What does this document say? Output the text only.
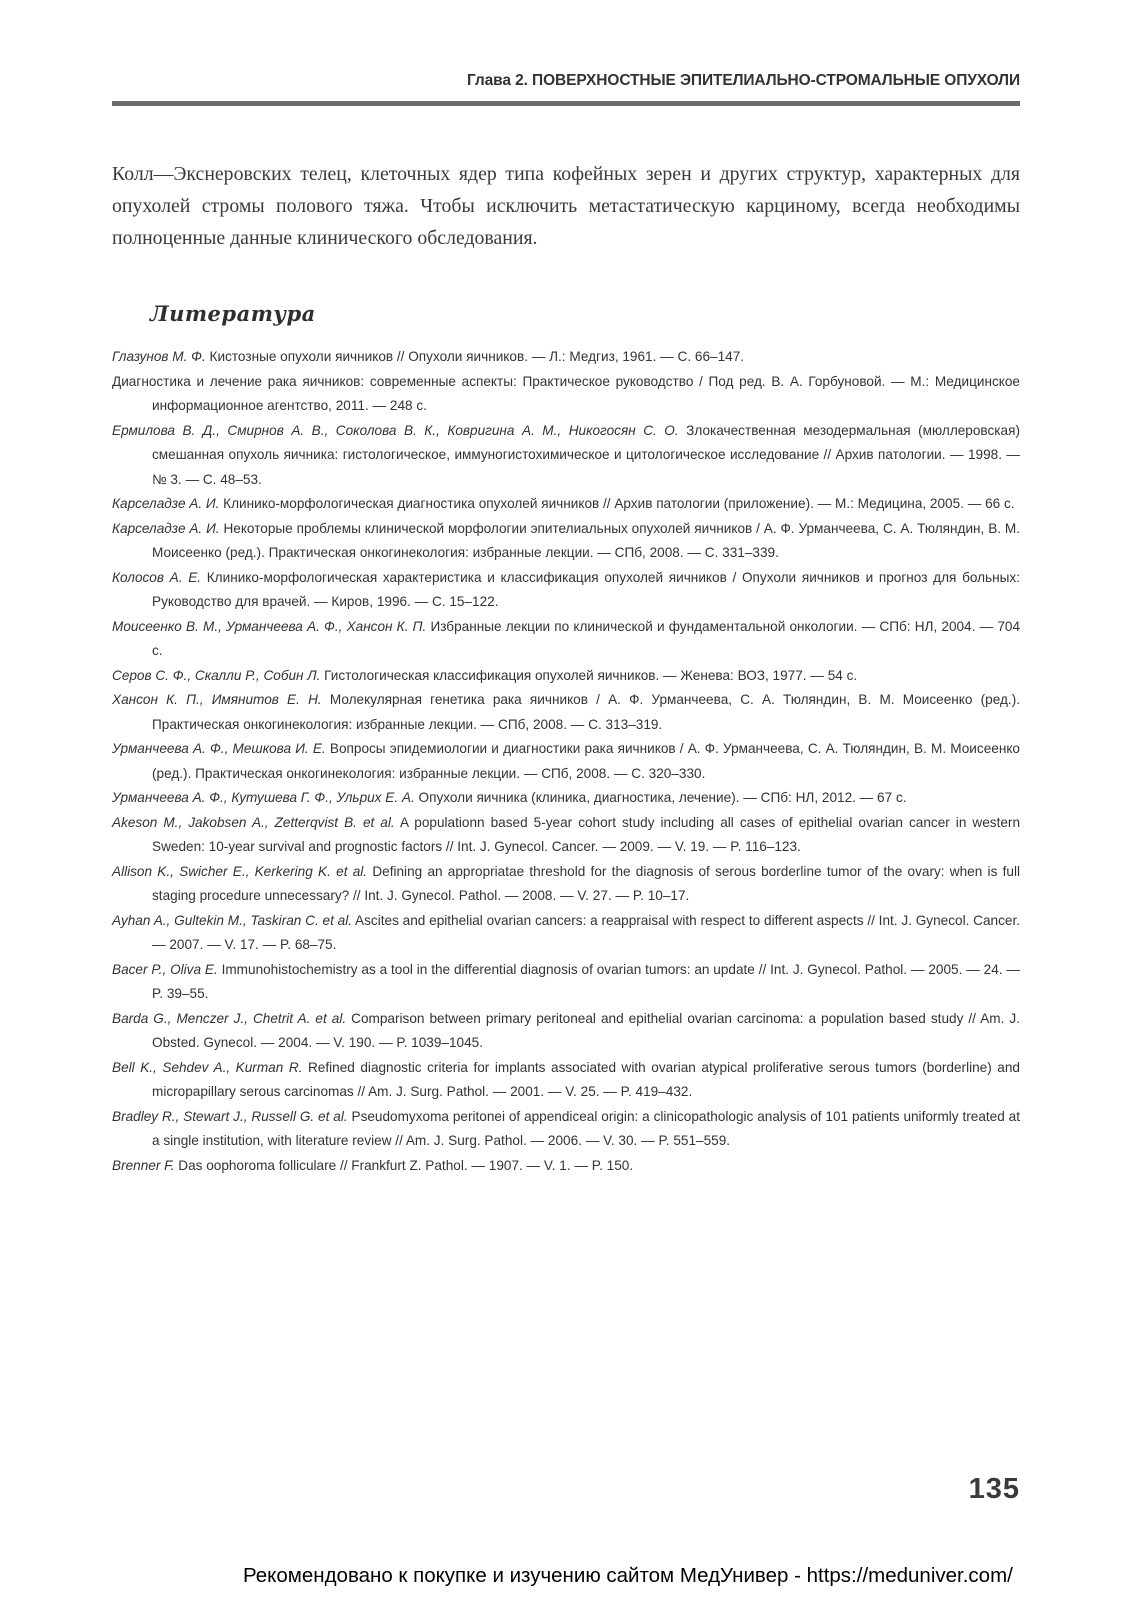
Глава 2. ПОВЕРХНОСТНЫЕ ЭПИТЕЛИАЛЬНО-СТРОМАЛЬНЫЕ ОПУХОЛИ

Колл—Экснеровских телец, клеточных ядер типа кофейных зерен и других структур, характерных для опухолей стромы полового тяжа. Чтобы исключить метастатическую карциному, всегда необходимы полноценные данные клинического обследования.

Литература
Глазунов М. Ф. Кистозные опухоли яичников // Опухоли яичников. — Л.: Медгиз, 1961. — С. 66–147.
Диагностика и лечение рака яичников: современные аспекты: Практическое руководство / Под ред. В. А. Горбуновой. — М.: Медицинское информационное агентство, 2011. — 248 с.
Ермилова В. Д., Смирнов А. В., Соколова В. К., Ковригина А. М., Никогосян С. О. Злокачественная мезодермальная (мюллеровская) смешанная опухоль яичника: гистологическое, иммуногистохимическое и цитологическое исследование // Архив патологии. — 1998. — № 3. — С. 48–53.
Карселадзе А. И. Клинико-морфологическая диагностика опухолей яичников // Архив патологии (приложение). — М.: Медицина, 2005. — 66 с.
Карселадзе А. И. Некоторые проблемы клинической морфологии эпителиальных опухолей яичников / А. Ф. Урманчеева, С. А. Тюляндин, В. М. Моисеенко (ред.). Практическая онкогинекология: избранные лекции. — СПб, 2008. — С. 331–339.
Колосов А. Е. Клинико-морфологическая характеристика и классификация опухолей яичников / Опухоли яичников и прогноз для больных: Руководство для врачей. — Киров, 1996. — С. 15–122.
Моисеенко В. М., Урманчеева А. Ф., Хансон К. П. Избранные лекции по клинической и фундаментальной онкологии. — СПб: НЛ, 2004. — 704 с.
Серов С. Ф., Скалли Р., Собин Л. Гистологическая классификация опухолей яичников. — Женева: ВОЗ, 1977. — 54 с.
Хансон К. П., Имянитов Е. Н. Молекулярная генетика рака яичников / А. Ф. Урманчеева, С. А. Тюляндин, В. М. Моисеенко (ред.). Практическая онкогинекология: избранные лекции. — СПб, 2008. — С. 313–319.
Урманчеева А. Ф., Мешкова И. Е. Вопросы эпидемиологии и диагностики рака яичников / А. Ф. Урманчеева, С. А. Тюляндин, В. М. Моисеенко (ред.). Практическая онкогинекология: избранные лекции. — СПб, 2008. — С. 320–330.
Урманчеева А. Ф., Кутушева Г. Ф., Ульрих Е. А. Опухоли яичника (клиника, диагностика, лечение). — СПб: НЛ, 2012. — 67 с.
Akeson M., Jakobsen A., Zetterqvist B. et al. A populationn based 5-year cohort study including all cases of epithelial ovarian cancer in western Sweden: 10-year survival and prognostic factors // Int. J. Gynecol. Cancer. — 2009. — V. 19. — P. 116–123.
Allison K., Swicher E., Kerkering K. et al. Defining an appropriatae threshold for the diagnosis of serous borderline tumor of the ovary: when is full staging procedure unnecessary? // Int. J. Gynecol. Pathol. — 2008. — V. 27. — P. 10–17.
Ayhan A., Gultekin M., Taskiran C. et al. Ascites and epithelial ovarian cancers: a reappraisal with respect to different aspects // Int. J. Gynecol. Cancer. — 2007. — V. 17. — P. 68–75.
Bacer P., Oliva E. Immunohistochemistry as a tool in the differential diagnosis of ovarian tumors: an update // Int. J. Gynecol. Pathol. — 2005. — 24. — P. 39–55.
Barda G., Menczer J., Chetrit A. et al. Comparison between primary peritoneal and epithelial ovarian carcinoma: a population based study // Am. J. Obsted. Gynecol. — 2004. — V. 190. — P. 1039–1045.
Bell K., Sehdev A., Kurman R. Refined diagnostic criteria for implants associated with ovarian atypical proliferative serous tumors (borderline) and micropapillary serous carcinomas // Am. J. Surg. Pathol. — 2001. — V. 25. — P. 419–432.
Bradley R., Stewart J., Russell G. et al. Pseudomyxoma peritonei of appendiceal origin: a clinicopathologic analysis of 101 patients uniformly treated at a single institution, with literature review // Am. J. Surg. Pathol. — 2006. — V. 30. — P. 551–559.
Brenner F. Das oophoroma folliculare // Frankfurt Z. Pathol. — 1907. — V. 1. — P. 150.
135
Рекомендовано к покупке и изучению сайтом МедУнивер - https://meduniver.com/
